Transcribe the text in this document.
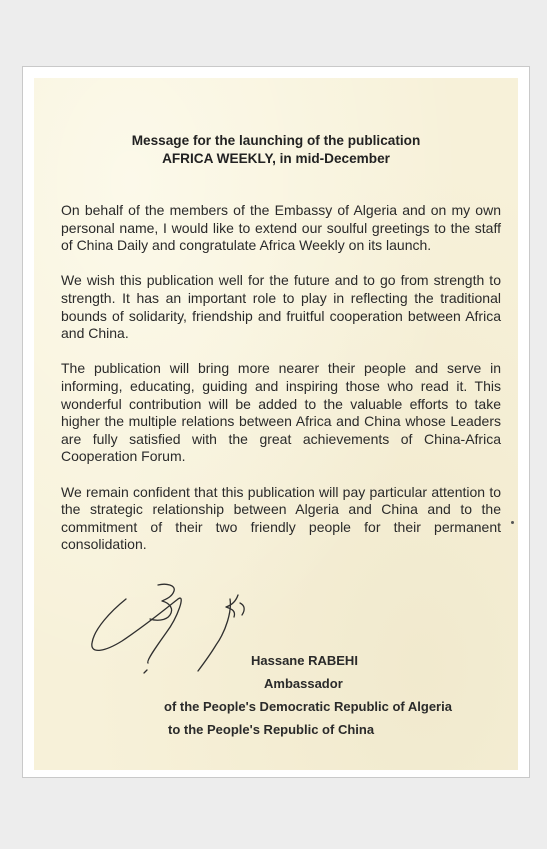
Message for the launching of the publication
AFRICA WEEKLY, in mid-December

On behalf of the members of the Embassy of Algeria and on my own personal name, I would like to extend our soulful greetings to the staff of China Daily and congratulate Africa Weekly on its launch.

We wish this publication well for the future and to go from strength to strength. It has an important role to play in reflecting the traditional bounds of solidarity, friendship and fruitful cooperation between Africa and China.

The publication will bring more nearer their people and serve in informing, educating, guiding and inspiring those who read it. This wonderful contribution will be added to the valuable efforts to take higher the multiple relations between Africa and China whose Leaders are fully satisfied with the great achievements of China-Africa Cooperation Forum.

We remain confident that this publication will pay particular attention to the strategic relationship between Algeria and China and to the commitment of their two friendly people for their permanent consolidation.

Hassane RABEHI
Ambassador
of the People's Democratic Republic of Algeria
to the People's Republic of China
